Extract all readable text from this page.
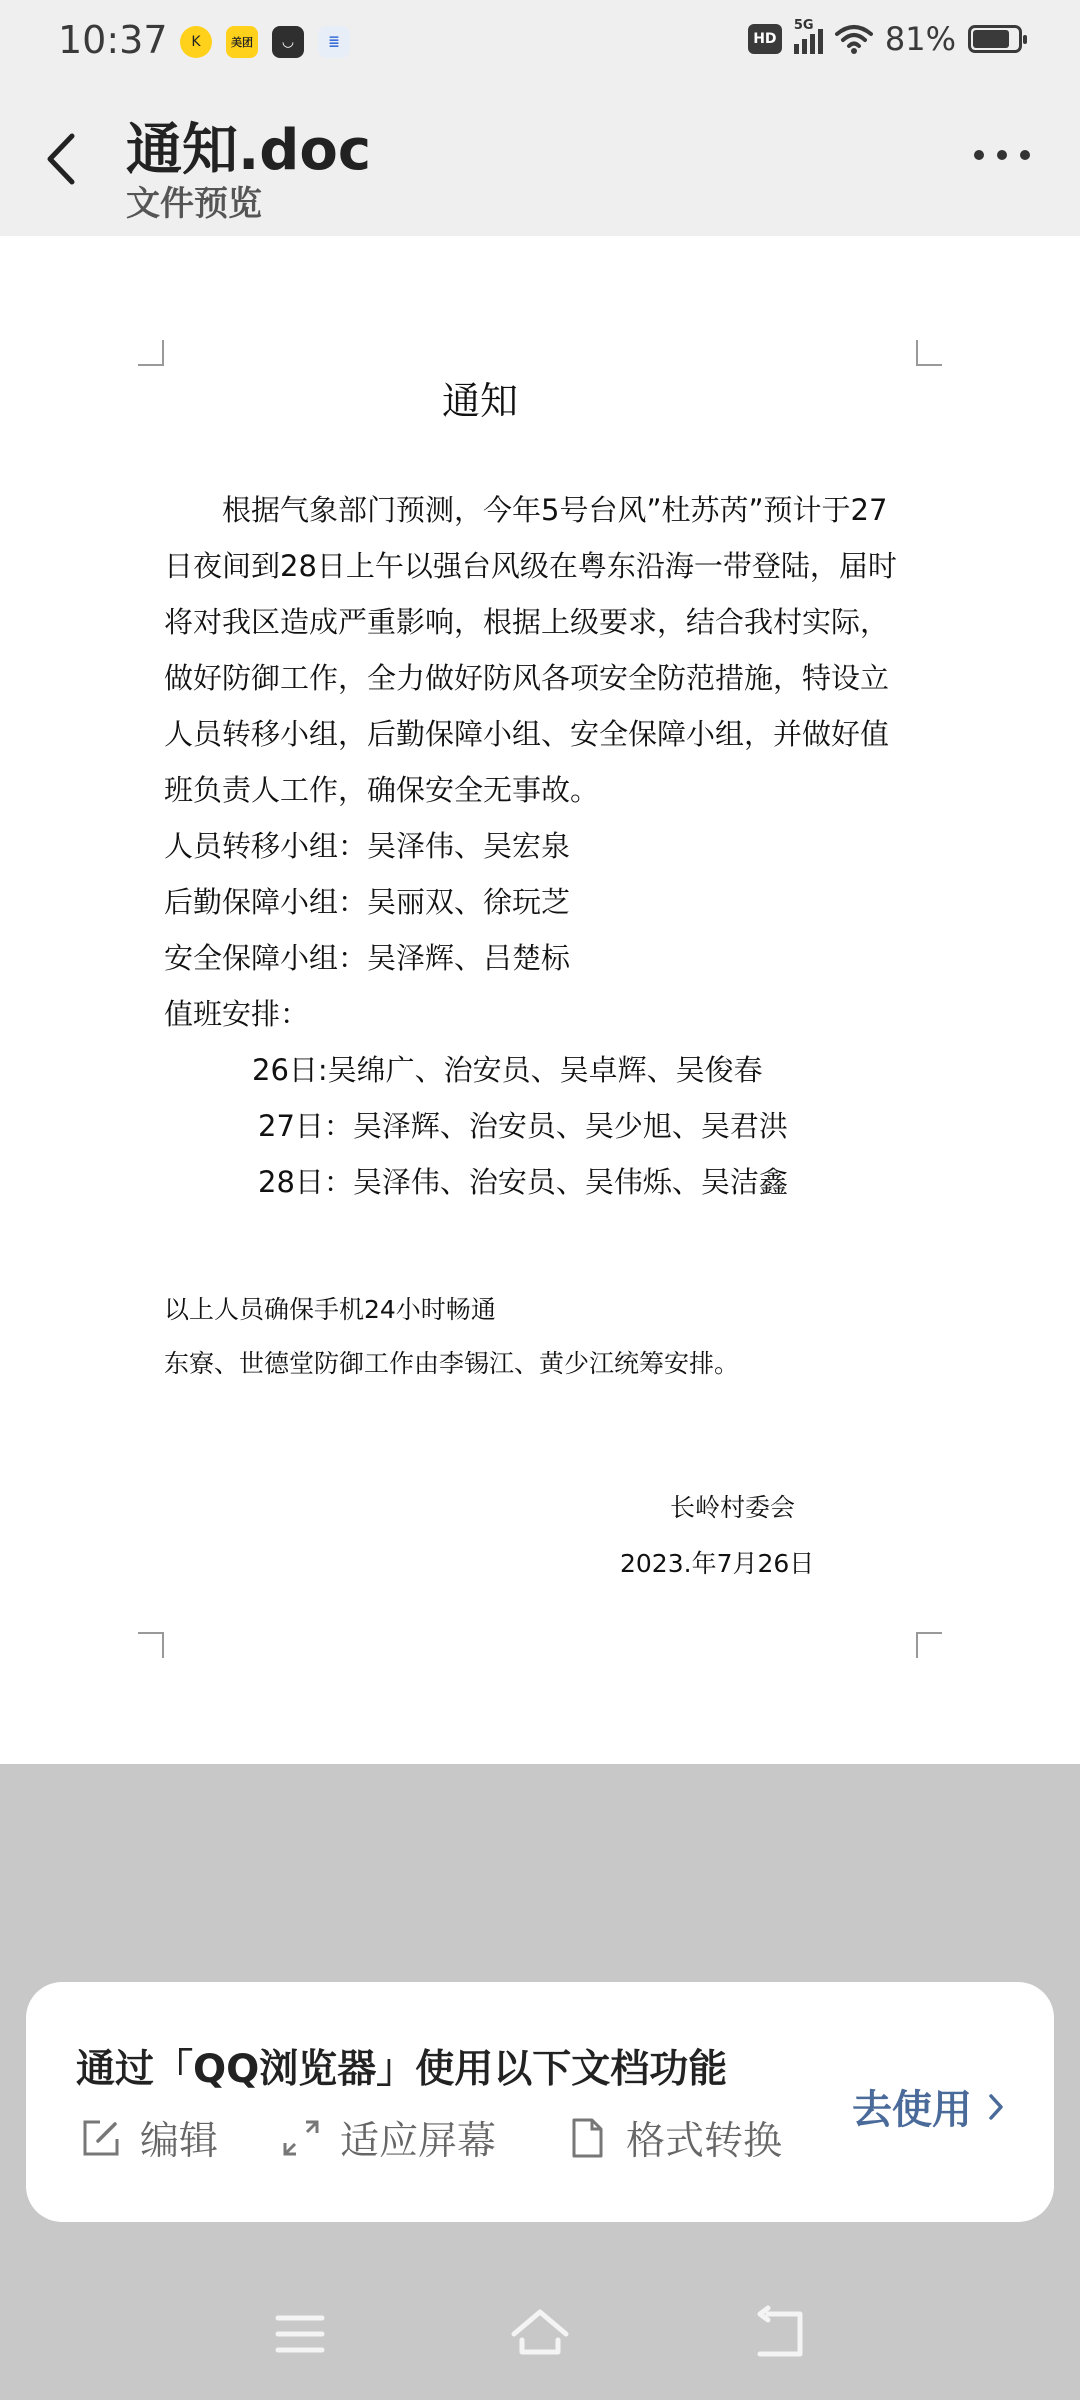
10:37	K	美团	◡	≣	HD
5G 81%
通知.doc
文件预览
通知
根据气象部门预测，今年5号台风”杜苏芮”预计于27
日夜间到28日上午以强台风级在粤东沿海一带登陆，届时
将对我区造成严重影响，根据上级要求，结合我村实际，
做好防御工作，全力做好防风各项安全防范措施，特设立
人员转移小组，后勤保障小组、安全保障小组，并做好值
班负责人工作，确保安全无事故。
人员转移小组：吴泽伟、吴宏泉
后勤保障小组：吴丽双、徐玩芝
安全保障小组：吴泽辉、吕楚标
值班安排：
26日:吴绵广、治安员、吴卓辉、吴俊春
27日：吴泽辉、治安员、吴少旭、吴君洪
28日：吴泽伟、治安员、吴伟烁、吴洁鑫
以上人员确保手机24小时畅通
东寮、世德堂防御工作由李锡江、黄少江统筹安排。
长岭村委会
2023.年7月26日
通过「QQ浏览器」使用以下文档功能
编辑	适应屏幕	格式转换
去使用
